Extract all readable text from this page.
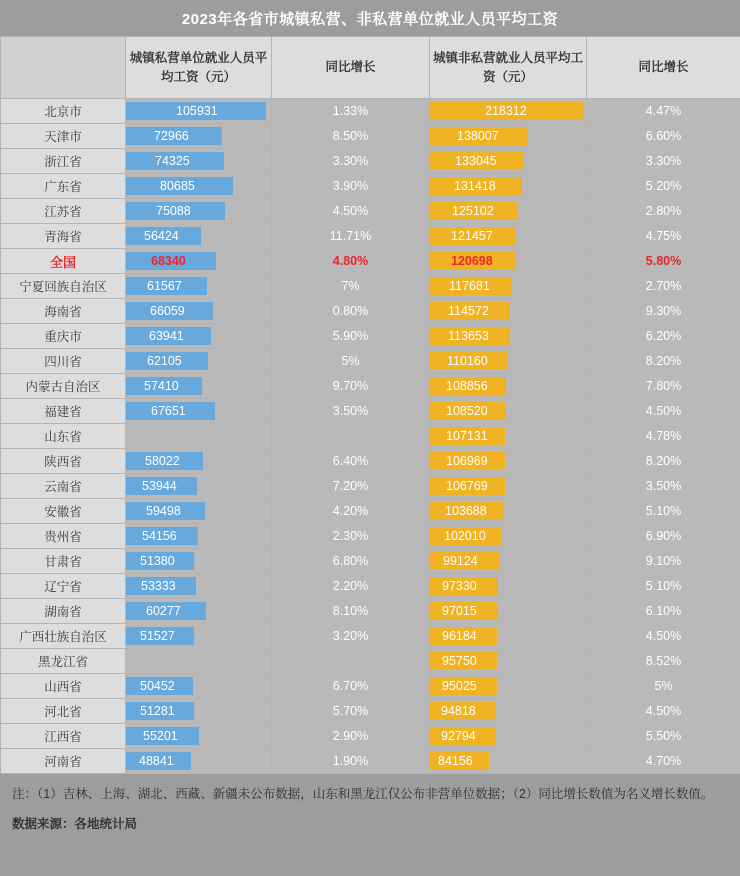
2023年各省市城镇私营、非私营单位就业人员平均工资
	城镇私营单位就业人员平均工资（元）	同比增长	城镇非私营就业人员平均工资（元）	同比增长
北京市	105931	1.33%	218312	4.47%
天津市	72966	8.50%	138007	6.60%
浙江省	74325	3.30%	133045	3.30%
广东省	80685	3.90%	131418	5.20%
江苏省	75088	4.50%	125102	2.80%
青海省	56424	11.71%	121457	4.75%
全国	68340	4.80%	120698	5.80%
宁夏回族自治区	61567	7%	117681	2.70%
海南省	66059	0.80%	114572	9.30%
重庆市	63941	5.90%	113653	6.20%
四川省	62105	5%	110160	8.20%
内蒙古自治区	57410	9.70%	108856	7.80%
福建省	67651	3.50%	108520	4.50%
山东省			107131	4.78%
陕西省	58022	6.40%	106969	8.20%
云南省	53944	7.20%	106769	3.50%
安徽省	59498	4.20%	103688	5.10%
贵州省	54156	2.30%	102010	6.90%
甘肃省	51380	6.80%	99124	9.10%
辽宁省	53333	2.20%	97330	5.10%
湖南省	60277	8.10%	97015	6.10%
广西壮族自治区	51527	3.20%	96184	4.50%
黑龙江省			95750	8.52%
山西省	50452	6.70%	95025	5%
河北省	51281	5.70%	94818	4.50%
江西省	55201	2.90%	92794	5.50%
河南省	48841	1.90%	84156	4.70%
注：（1）吉林、上海、湖北、西藏、新疆未公布数据，山东和黑龙江仅公布非营单位数据；（2）同比增长数值为名义增长数值。
数据来源：各地统计局
